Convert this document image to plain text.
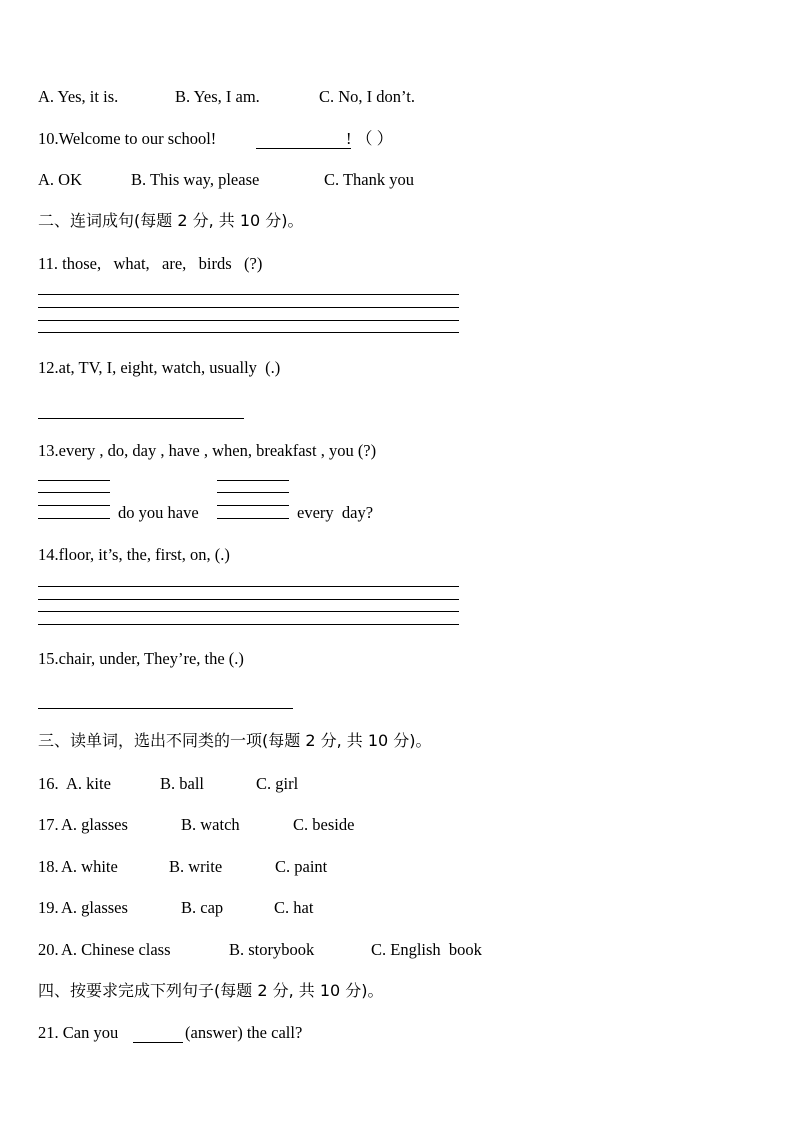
A. Yes, it is.

	B. Yes, I am.

	C. No, I don’t.

10.Welcome to our school!

	!

（ ）

A. OK

	B. This way, please

	C. Thank you

二、连词成句(每题 2 分, 共 10 分)。
11. those,   what,   are,   birds   (?)
12.at, TV, I, eight, watch, usually  (.)
13.every , do, day , have , when, breakfast , you (?)
do you have	every  day?
14.floor, it’s, the, first, on, (.)
15.chair, under, They’re, the (.)
三、读单词，选出不同类的一项(每题 2 分, 共 10 分)。

16.

A. kite

	B. ball

	C. girl

17.

A. glasses

	B. watch

	C. beside

18.

A. white

	B. write

	C. paint

19.

A. glasses

	B. cap

	C. hat

20.

A. Chinese class

	B. storybook

	C. English  book

四、按要求完成下列句子(每题 2 分, 共 10 分)。

21. Can you

	(answer) the call?
